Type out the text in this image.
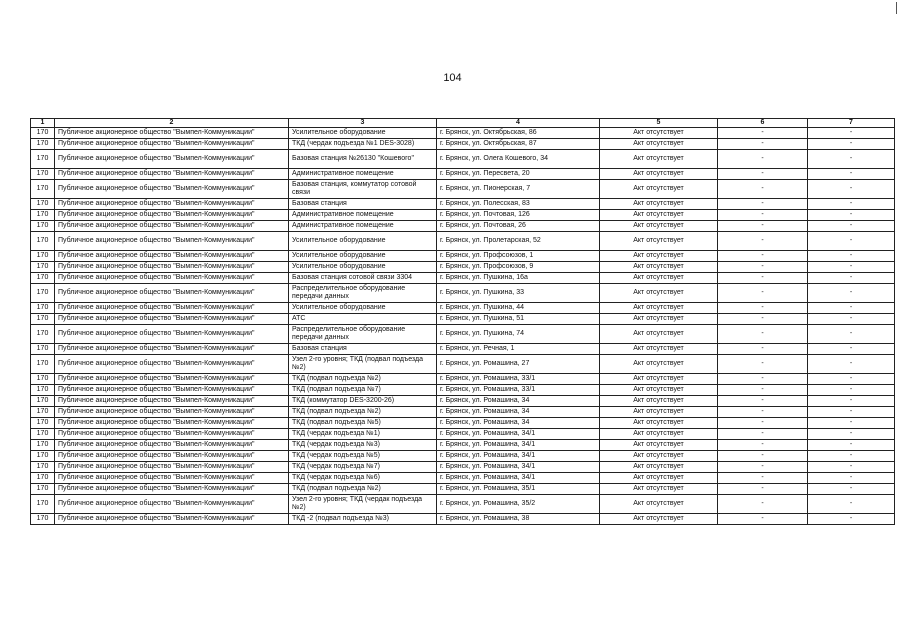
104
1	2	3	4	5	6	7
170	Публичное акционерное общество "Вымпел-Коммуникации"	Усилительное оборудование	г. Брянск, ул. Октябрьская, 86	Акт отсутствует	-	-
170	Публичное акционерное общество "Вымпел-Коммуникации"	ТКД (чердак подъезда №1 DES-3028)	г. Брянск, ул. Октябрьская, 87	Акт отсутствует	-	-
170	Публичное акционерное общество "Вымпел-Коммуникации"	Базовая станция №26130 "Кошевого"	г. Брянск, ул. Олега Кошевого, 34	Акт отсутствует	-	-
170	Публичное акционерное общество "Вымпел-Коммуникации"	Административное помещение	г. Брянск, ул. Пересвета, 20	Акт отсутствует	-	-
170	Публичное акционерное общество "Вымпел-Коммуникации"	Базовая станция, коммутатор сотовой связи	г. Брянск, ул. Пионерская, 7	Акт отсутствует	-	-
170	Публичное акционерное общество "Вымпел-Коммуникации"	Базовая станция	г. Брянск, ул. Полесская, 83	Акт отсутствует	-	-
170	Публичное акционерное общество "Вымпел-Коммуникации"	Административное помещение	г. Брянск, ул. Почтовая, 126	Акт отсутствует	-	-
170	Публичное акционерное общество "Вымпел-Коммуникации"	Административное помещение	г. Брянск, ул. Почтовая, 26	Акт отсутствует	-	-
170	Публичное акционерное общество "Вымпел-Коммуникации"	Усилительное оборудование	г. Брянск, ул. Пролетарская, 52	Акт отсутствует	-	-
170	Публичное акционерное общество "Вымпел-Коммуникации"	Усилительное оборудование	г. Брянск, ул. Профсоюзов, 1	Акт отсутствует	-	-
170	Публичное акционерное общество "Вымпел-Коммуникации"	Усилительное оборудование	г. Брянск, ул. Профсоюзов, 9	Акт отсутствует	-	-
170	Публичное акционерное общество "Вымпел-Коммуникации"	Базовая станция сотовой связи 3304	г. Брянск, ул. Пушкина, 16а	Акт отсутствует	-	-
170	Публичное акционерное общество "Вымпел-Коммуникации"	Распределительное оборудование передачи данных	г. Брянск, ул. Пушкина, 33	Акт отсутствует	-	-
170	Публичное акционерное общество "Вымпел-Коммуникации"	Усилительное оборудование	г. Брянск, ул. Пушкина, 44	Акт отсутствует	-	-
170	Публичное акционерное общество "Вымпел-Коммуникации"	АТС	г. Брянск, ул. Пушкина, 51	Акт отсутствует	-	-
170	Публичное акционерное общество "Вымпел-Коммуникации"	Распределительное оборудование передачи данных	г. Брянск, ул. Пушкина, 74	Акт отсутствует	-	-
170	Публичное акционерное общество "Вымпел-Коммуникации"	Базовая станция	г. Брянск, ул. Речная, 1	Акт отсутствует	-	-
170	Публичное акционерное общество "Вымпел-Коммуникации"	Узел 2-го уровня; ТКД (подвал подъезда №2)	г. Брянск, ул. Ромашина, 27	Акт отсутствует	-	-
170	Публичное акционерное общество "Вымпел-Коммуникации"	ТКД (подвал подъезда №2)	г. Брянск, ул. Ромашина, 33/1	Акт отсутствует	-	-
170	Публичное акционерное общество "Вымпел-Коммуникации"	ТКД (подвал подъезда №7)	г. Брянск, ул. Ромашина, 33/1	Акт отсутствует	-	-
170	Публичное акционерное общество "Вымпел-Коммуникации"	ТКД (коммутатор DES-3200-26)	г. Брянск, ул. Ромашина, 34	Акт отсутствует	-	-
170	Публичное акционерное общество "Вымпел-Коммуникации"	ТКД (подвал подъезда №2)	г. Брянск, ул. Ромашина, 34	Акт отсутствует	-	-
170	Публичное акционерное общество "Вымпел-Коммуникации"	ТКД (подвал подъезда №5)	г. Брянск, ул. Ромашина, 34	Акт отсутствует	-	-
170	Публичное акционерное общество "Вымпел-Коммуникации"	ТКД (чердак подъезда №1)	г. Брянск, ул. Ромашина, 34/1	Акт отсутствует	-	-
170	Публичное акционерное общество "Вымпел-Коммуникации"	ТКД (чердак подъезда №3)	г. Брянск, ул. Ромашина, 34/1	Акт отсутствует	-	-
170	Публичное акционерное общество "Вымпел-Коммуникации"	ТКД (чердак подъезда №5)	г. Брянск, ул. Ромашина, 34/1	Акт отсутствует	-	-
170	Публичное акционерное общество "Вымпел-Коммуникации"	ТКД (чердак подъезда №7)	г. Брянск, ул. Ромашина, 34/1	Акт отсутствует	-	-
170	Публичное акционерное общество "Вымпел-Коммуникации"	ТКД (чердак подъезда №6)	г. Брянск, ул. Ромашина, 34/1	Акт отсутствует	-	-
170	Публичное акционерное общество "Вымпел-Коммуникации"	ТКД (подвал подъезда №2)	г. Брянск, ул. Ромашина, 35/1	Акт отсутствует	-	-
170	Публичное акционерное общество "Вымпел-Коммуникации"	Узел 2-го уровня; ТКД (чердак подъезда №2)	г. Брянск, ул. Ромашина, 35/2	Акт отсутствует	-	-
170	Публичное акционерное общество "Вымпел-Коммуникации"	ТКД -2 (подвал подъезда №3)	г. Брянск, ул. Ромашина, 38	Акт отсутствует	-	-
